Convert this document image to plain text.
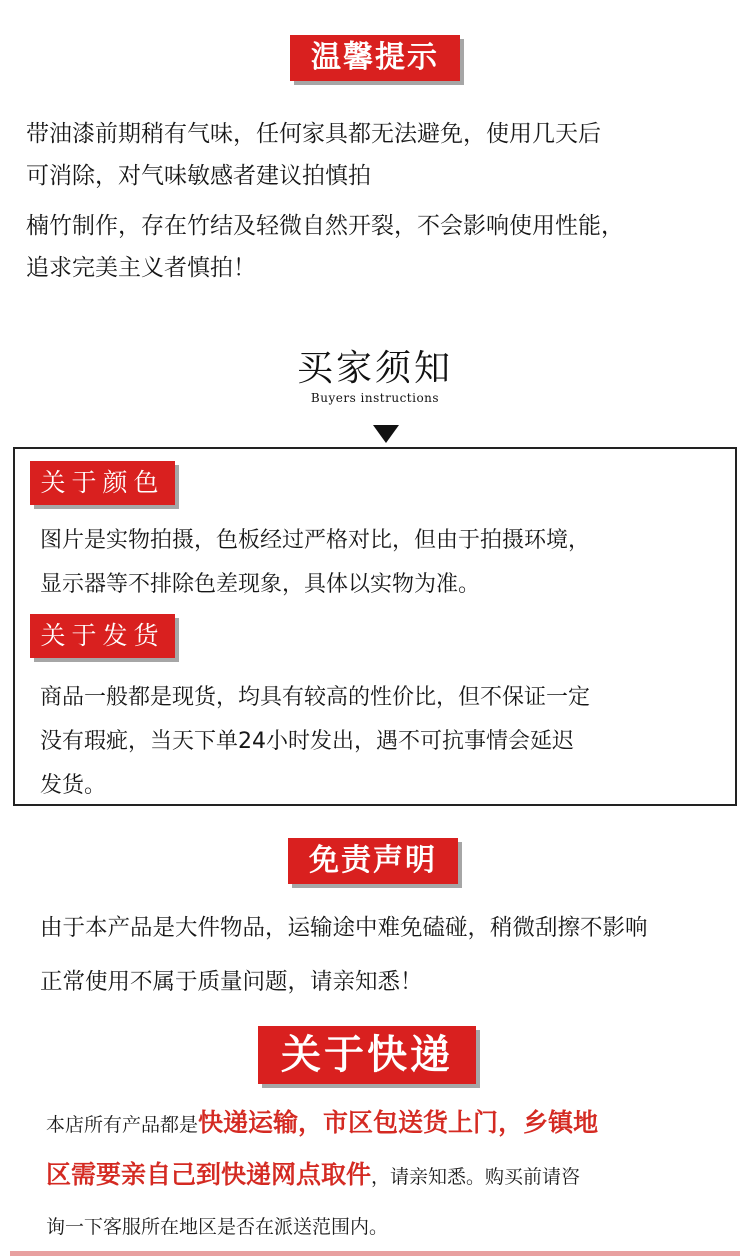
温馨提示
带油漆前期稍有气味，任何家具都无法避免，使用几天后
可消除，对气味敏感者建议拍慎拍
楠竹制作，存在竹结及轻微自然开裂，不会影响使用性能，
追求完美主义者慎拍！
买家须知
Buyers instructions
关于颜色
图片是实物拍摄，色板经过严格对比，但由于拍摄环境，
显示器等不排除色差现象，具体以实物为准。
关于发货
商品一般都是现货，均具有较高的性价比，但不保证一定
没有瑕疵，当天下单24小时发出，遇不可抗事情会延迟
发货。
免责声明
由于本产品是大件物品，运输途中难免磕碰，稍微刮擦不影响
正常使用不属于质量问题，请亲知悉！
关于快递
本店所有产品都是快递运输，市区包送货上门，乡镇地
区需要亲自己到快递网点取件，请亲知悉。购买前请咨
询一下客服所在地区是否在派送范围内。
